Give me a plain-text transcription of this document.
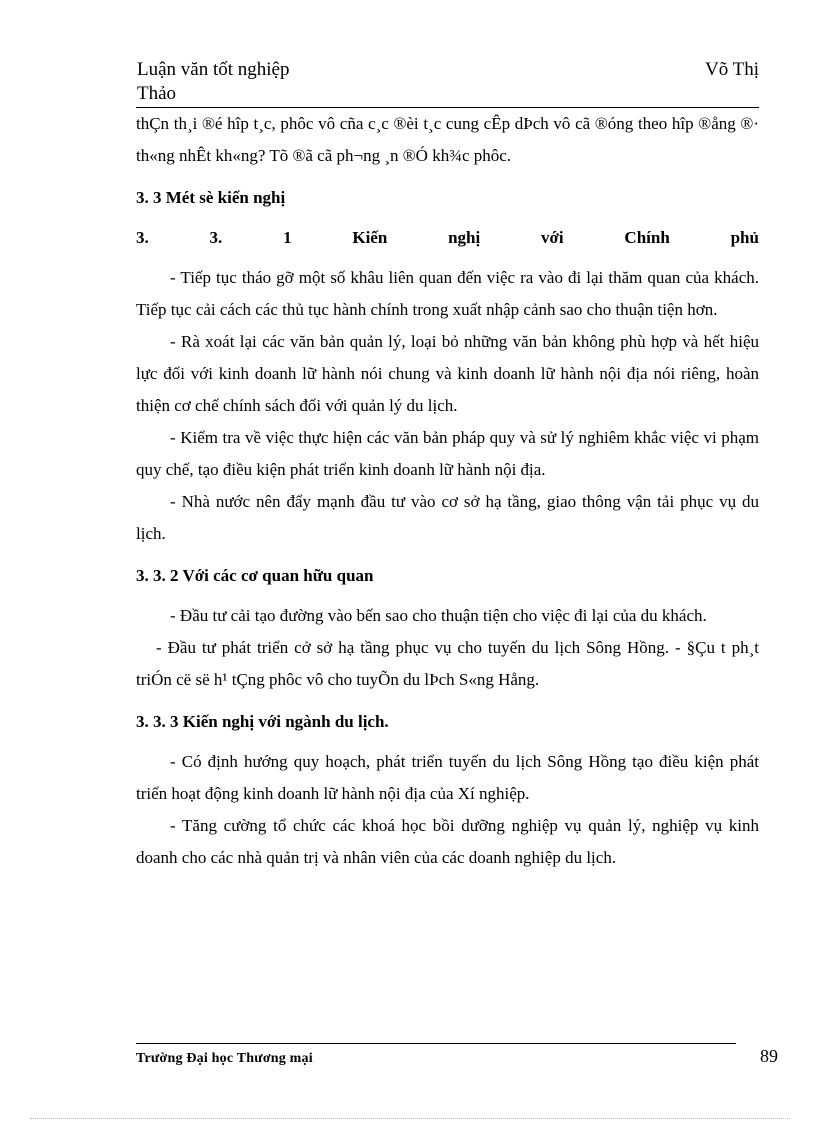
Luận văn tốt nghiệp	Võ Thị
Thảo

thÇn th¸i ®é hîp t¸c, phôc vô cña c¸c ®èi t¸c cung cÊp dÞch vô cã ®óng theo hîp ®ång ®· th«ng nhÊt kh«ng? Tõ ®ã cã ph¬ng ¸n ®Ó kh¾c phôc.

3. 3 Mét sè kiến nghị

3.	3.	1	Kiến	nghị	với	Chính	phủ

- Tiếp tục tháo gỡ một số khâu liên quan đến việc ra vào đi lại thăm quan của khách. Tiếp tục cải cách các thủ tục hành chính trong xuất nhập cảnh sao cho thuận tiện hơn.

- Rà xoát lại các văn bản quản lý, loại bỏ những văn bản không phù hợp và hết hiệu lực đối với kinh doanh lữ hành nói chung và kinh doanh lữ hành nội địa nói riêng, hoàn thiện cơ chế chính sách đối với quản lý du lịch.

- Kiểm tra về việc thực hiện các văn bản pháp quy và sử lý nghiêm khắc việc vi phạm quy chế, tạo điều kiện phát triển kinh doanh lữ hành nội địa.

- Nhà nước nên đẩy mạnh đầu tư vào cơ sở hạ tầng, giao thông vận tải phục vụ du lịch.

3. 3. 2 Với các cơ quan hữu quan

- Đầu tư cải tạo đường vào bến sao cho thuận tiện cho việc đi lại của du khách.

- Đầu tư phát triển cở sở hạ tầng phục vụ cho tuyến du lịch Sông Hồng. - §Çu t ph¸t triÓn cë së h¹ tÇng phôc vô cho tuyÕn du lÞch S«ng Hång.

3. 3. 3 Kiến nghị với ngành du lịch.

- Có định hướng quy hoạch, phát triển tuyến du lịch Sông Hồng tạo điều kiện phát triển hoạt động kinh doanh lữ hành nội địa của Xí nghiệp.

- Tăng cường tổ chức các khoá học bồi dưỡng nghiệp vụ quản lý, nghiệp vụ kinh doanh cho các nhà quản trị và nhân viên của các doanh nghiệp du lịch.

Trường Đại học Thương mại	89
